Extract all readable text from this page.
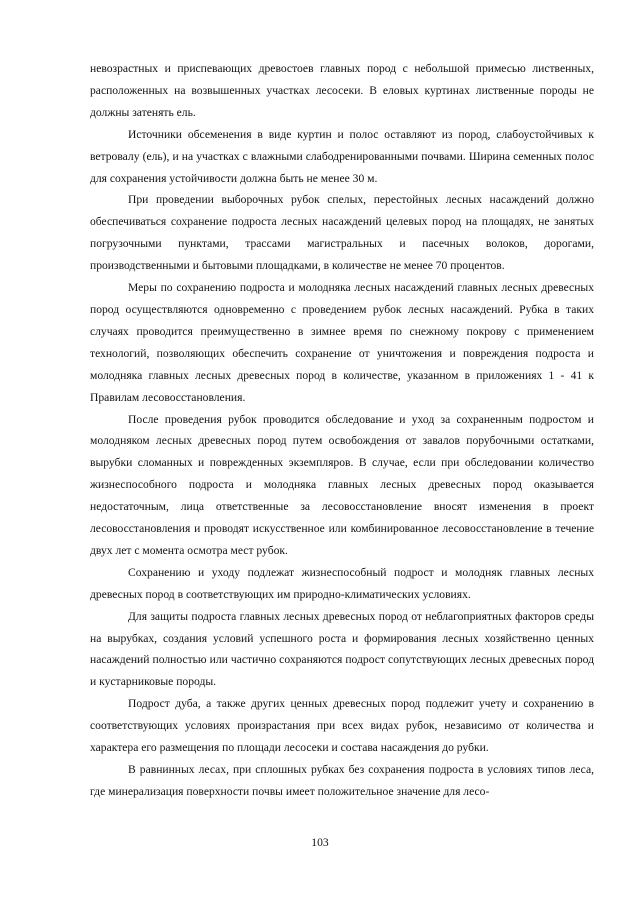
невозрастных и приспевающих древостоев главных пород с небольшой примесью лиственных, расположенных на возвышенных участках лесосеки. В еловых куртинах лиственные породы не должны затенять ель.

Источники обсеменения в виде куртин и полос оставляют из пород, слабоустойчивых к ветровалу (ель), и на участках с влажными слабодренированными почвами. Ширина семенных полос для сохранения устойчивости должна быть не менее 30 м.

При проведении выборочных рубок спелых, перестойных лесных насаждений должно обеспечиваться сохранение подроста лесных насаждений целевых пород на площадях, не занятых погрузочными пунктами, трассами магистральных и пасечных волоков, дорогами, производственными и бытовыми площадками, в количестве не менее 70 процентов.

Меры по сохранению подроста и молодняка лесных насаждений главных лесных древесных пород осуществляются одновременно с проведением рубок лесных насаждений. Рубка в таких случаях проводится преимущественно в зимнее время по снежному покрову с применением технологий, позволяющих обеспечить сохранение от уничтожения и повреждения подроста и молодняка главных лесных древесных пород в количестве, указанном в приложениях 1 - 41 к Правилам лесовосстановления.

После проведения рубок проводится обследование и уход за сохраненным подростом и молодняком лесных древесных пород путем освобождения от завалов порубочными остатками, вырубки сломанных и поврежденных экземпляров. В случае, если при обследовании количество жизнеспособного подроста и молодняка главных лесных древесных пород оказывается недостаточным, лица ответственные за лесовосстановление вносят изменения в проект лесовосстановления и проводят искусственное или комбинированное лесовосстановление в течение двух лет с момента осмотра мест рубок.

Сохранению и уходу подлежат жизнеспособный подрост и молодняк главных лесных древесных пород в соответствующих им природно-климатических условиях.

Для защиты подроста главных лесных древесных пород от неблагоприятных факторов среды на вырубках, создания условий успешного роста и формирования лесных хозяйственно ценных насаждений полностью или частично сохраняются подрост сопутствующих лесных древесных пород и кустарниковые породы.

Подрост дуба, а также других ценных древесных пород подлежит учету и сохранению в соответствующих условиях произрастания при всех видах рубок, независимо от количества и характера его размещения по площади лесосеки и состава насаждения до рубки.

В равнинных лесах, при сплошных рубках без сохранения подроста в условиях типов леса, где минерализация поверхности почвы имеет положительное значение для лесо-

103
